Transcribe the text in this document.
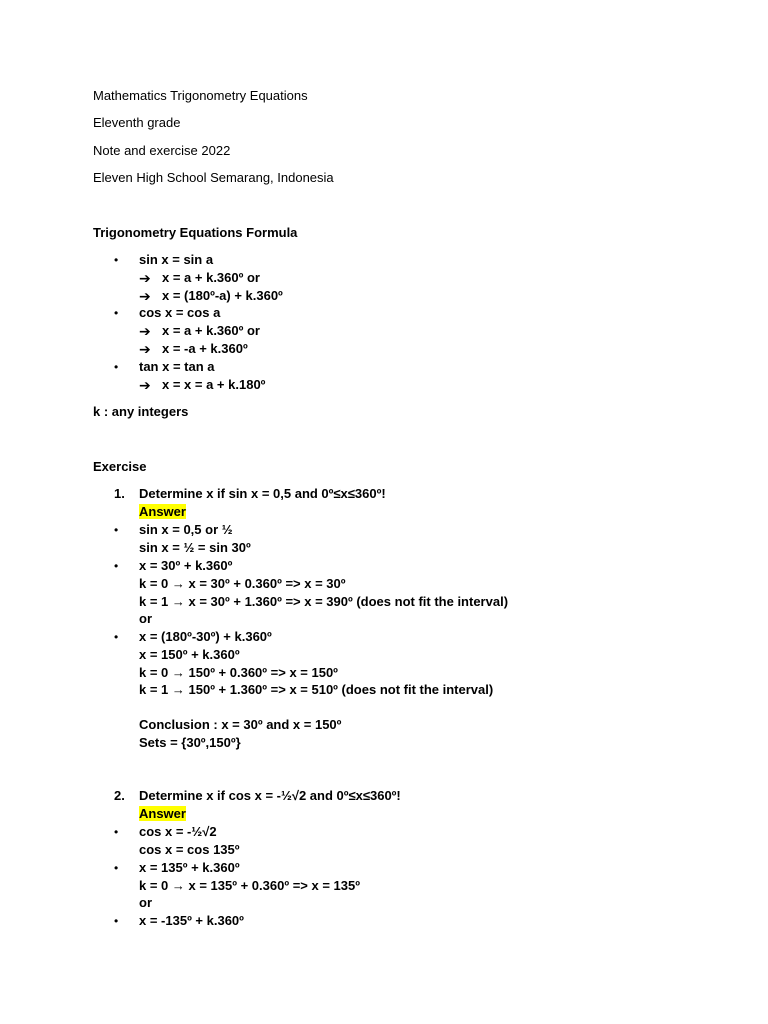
Mathematics Trigonometry Equations
Eleventh grade
Note and exercise 2022
Eleven High School Semarang, Indonesia
Trigonometry Equations Formula
• sin x = sin a
➔ x = a + k.360º or
➔ x = (180º-a) + k.360º
• cos x = cos a
➔ x = a + k.360º or
➔ x = -a + k.360º
• tan x = tan a
➔ x = x = a + k.180º
k : any integers
Exercise
1. Determine x if sin x = 0,5 and 0º≤x≤360º!
Answer
• sin x = 0,5 or ½
sin x = ½ = sin 30º
• x = 30º + k.360º
k = 0 → x = 30º + 0.360º => x = 30º
k = 1 → x = 30º + 1.360º => x = 390º (does not fit the interval)
or
• x = (180º-30º) + k.360º
x = 150º + k.360º
k = 0 → 150º + 0.360º => x = 150º
k = 1 → 150º + 1.360º => x = 510º (does not fit the interval)
Conclusion : x = 30º and x = 150º
Sets = {30º,150º}
2. Determine x if cos x = -½√2 and 0º≤x≤360º!
Answer
• cos x = -½√2
cos x = cos 135º
• x = 135º + k.360º
k = 0 → x = 135º + 0.360º => x = 135º
or
• x = -135º + k.360º
